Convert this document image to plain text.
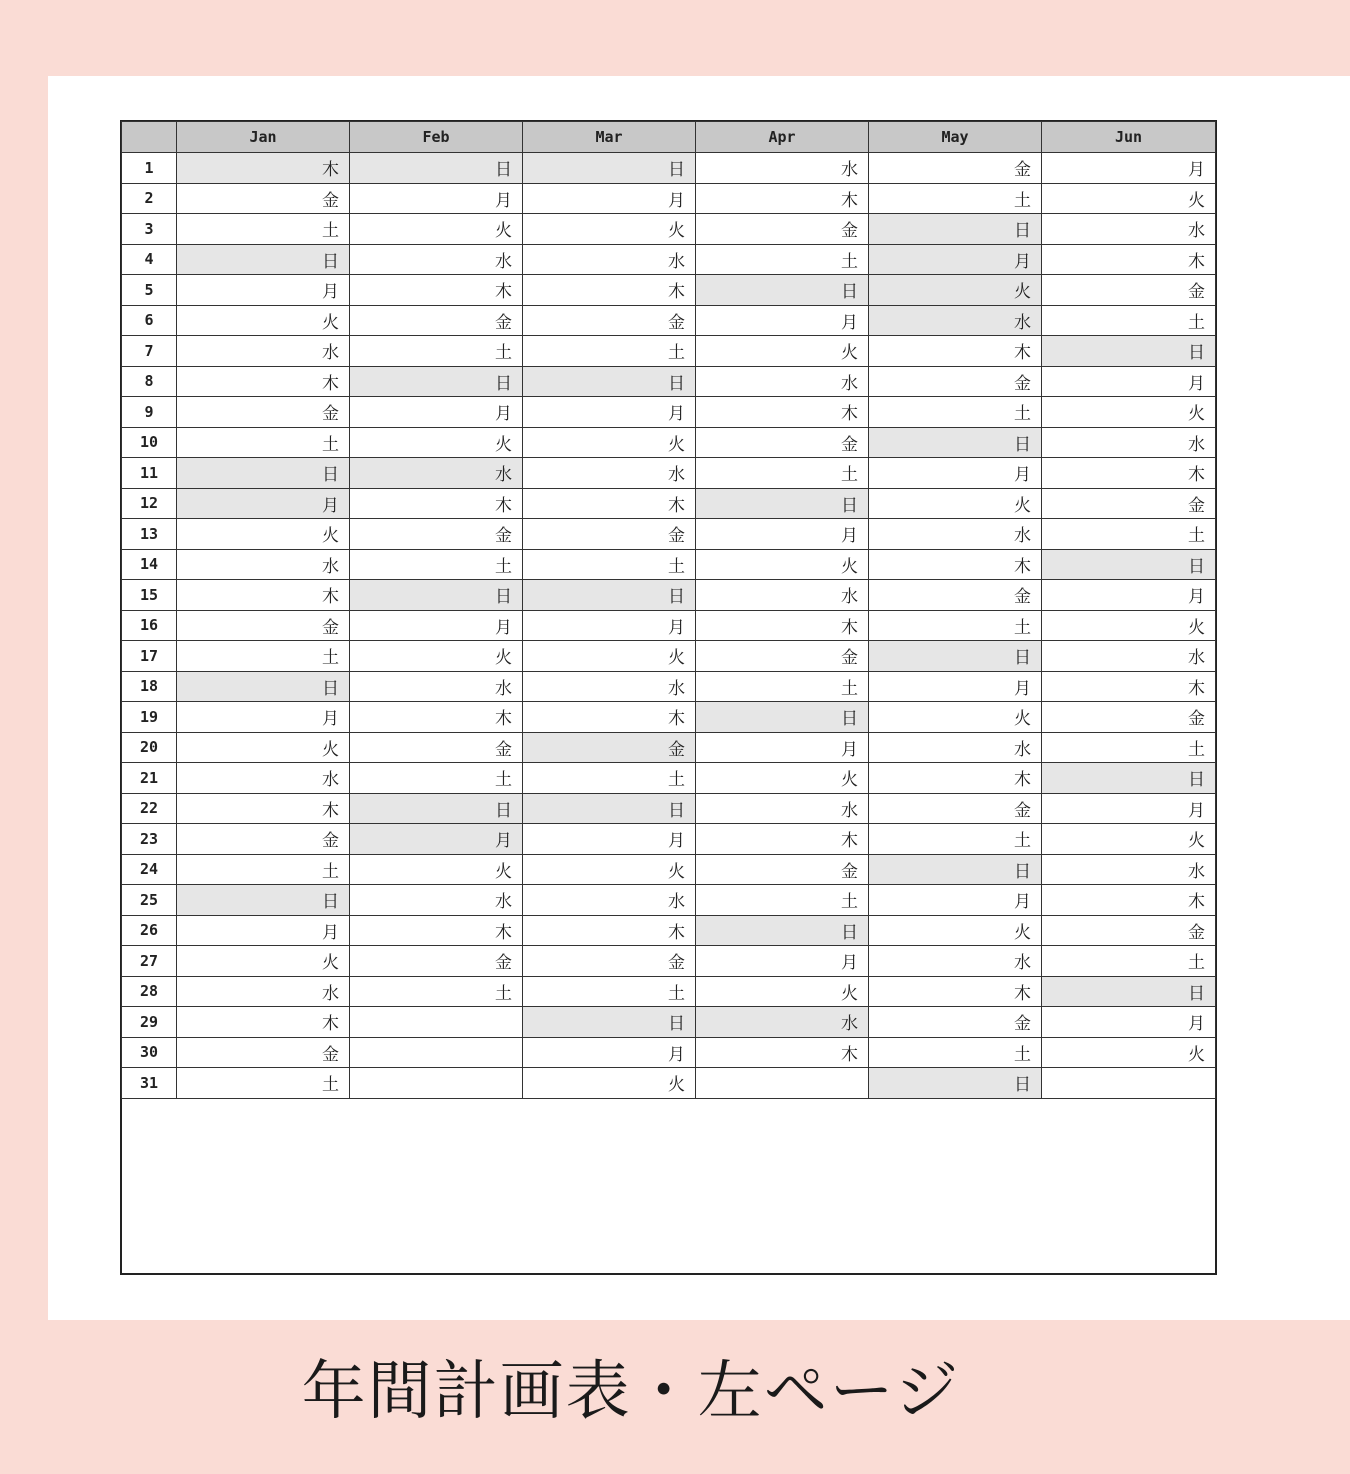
	Jan	Feb	Mar	Apr	May	Jun
1	木	日	日	水	金	月
2	金	月	月	木	土	火
3	土	火	火	金	日	水
4	日	水	水	土	月	木
5	月	木	木	日	火	金
6	火	金	金	月	水	土
7	水	土	土	火	木	日
8	木	日	日	水	金	月
9	金	月	月	木	土	火
10	土	火	火	金	日	水
11	日	水	水	土	月	木
12	月	木	木	日	火	金
13	火	金	金	月	水	土
14	水	土	土	火	木	日
15	木	日	日	水	金	月
16	金	月	月	木	土	火
17	土	火	火	金	日	水
18	日	水	水	土	月	木
19	月	木	木	日	火	金
20	火	金	金	月	水	土
21	水	土	土	火	木	日
22	木	日	日	水	金	月
23	金	月	月	木	土	火
24	土	火	火	金	日	水
25	日	水	水	土	月	木
26	月	木	木	日	火	金
27	火	金	金	月	水	土
28	水	土	土	火	木	日
29	木		日	水	金	月
30	金		月	木	土	火
31	土		火		日	
年間計画表・左ページ
